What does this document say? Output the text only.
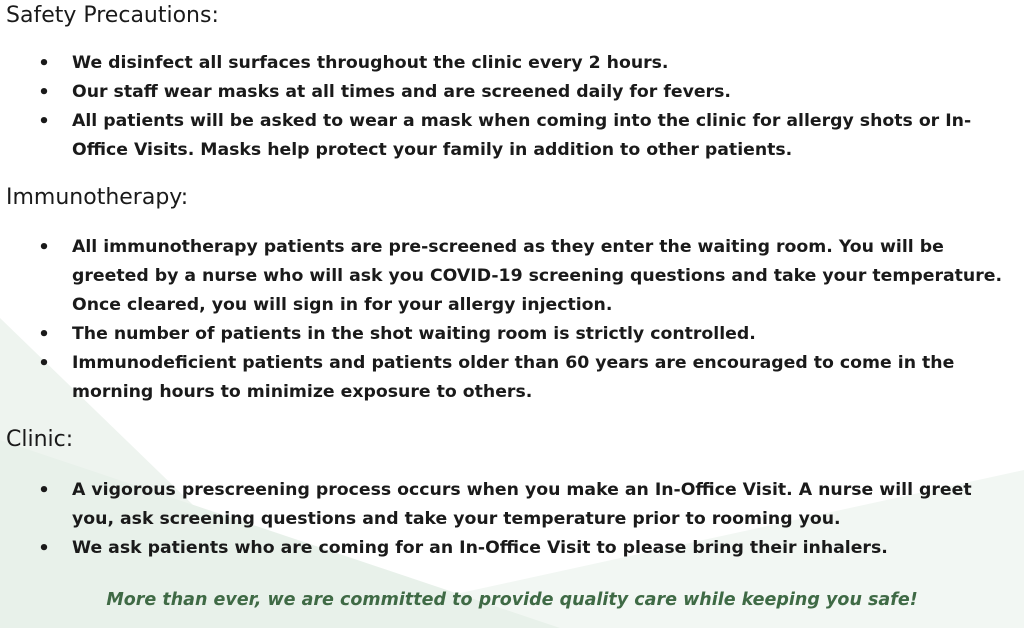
Safety Precautions:
• We disinfect all surfaces throughout the clinic every 2 hours.
• Our staff wear masks at all times and are screened daily for fevers.
• All patients will be asked to wear a mask when coming into the clinic for allergy shots or In-Office Visits. Masks help protect your family in addition to other patients.
Immunotherapy:
• All immunotherapy patients are pre-screened as they enter the waiting room. You will be greeted by a nurse who will ask you COVID-19 screening questions and take your temperature. Once cleared, you will sign in for your allergy injection.
• The number of patients in the shot waiting room is strictly controlled.
• Immunodeficient patients and patients older than 60 years are encouraged to come in the morning hours to minimize exposure to others.
Clinic:
• A vigorous prescreening process occurs when you make an In-Office Visit. A nurse will greet you, ask screening questions and take your temperature prior to rooming you.
• We ask patients who are coming for an In-Office Visit to please bring their inhalers.

More than ever, we are committed to provide quality care while keeping you safe!
